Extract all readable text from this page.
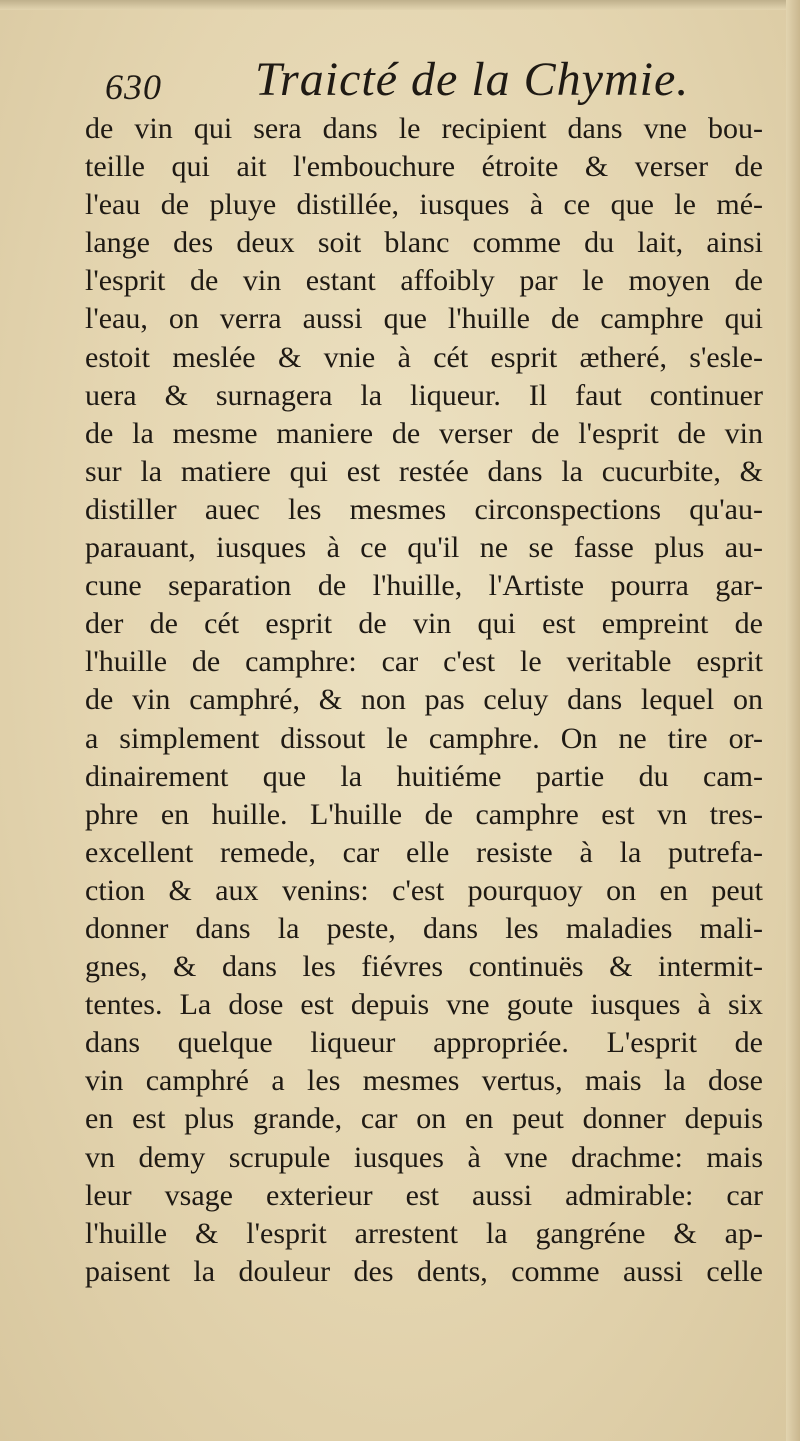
630 Traicté de la Chymie.
de vin qui sera dans le recipient dans vne bou-
teille qui ait l'embouchure étroite & verser de
l'eau de pluye distillée, iusques à ce que le mé-
lange des deux soit blanc comme du lait, ainsi
l'esprit de vin estant affoibly par le moyen de
l'eau, on verra aussi que l'huille de camphre qui
estoit meslée & vnie à cét esprit ætheré, s'esle-
uera & surnagera la liqueur. Il faut continuer
de la mesme maniere de verser de l'esprit de vin
sur la matiere qui est restée dans la cucurbite, &
distiller auec les mesmes circonspections qu'au-
parauant, iusques à ce qu'il ne se fasse plus au-
cune separation de l'huille, l'Artiste pourra gar-
der de cét esprit de vin qui est empreint de
l'huille de camphre: car c'est le veritable esprit
de vin camphré, & non pas celuy dans lequel on
a simplement dissout le camphre. On ne tire or-
dinairement que la huitiéme partie du cam-
phre en huille. L'huille de camphre est vn tres-
excellent remede, car elle resiste à la putrefa-
ction & aux venins: c'est pourquoy on en peut
donner dans la peste, dans les maladies mali-
gnes, & dans les fiévres continuës & intermit-
tentes. La dose est depuis vne goute iusques à six
dans quelque liqueur appropriée. L'esprit de
vin camphré a les mesmes vertus, mais la dose
en est plus grande, car on en peut donner depuis
vn demy scrupule iusques à vne drachme: mais
leur vsage exterieur est aussi admirable: car
l'huille & l'esprit arrestent la gangréne & ap-
paisent la douleur des dents, comme aussi celle
